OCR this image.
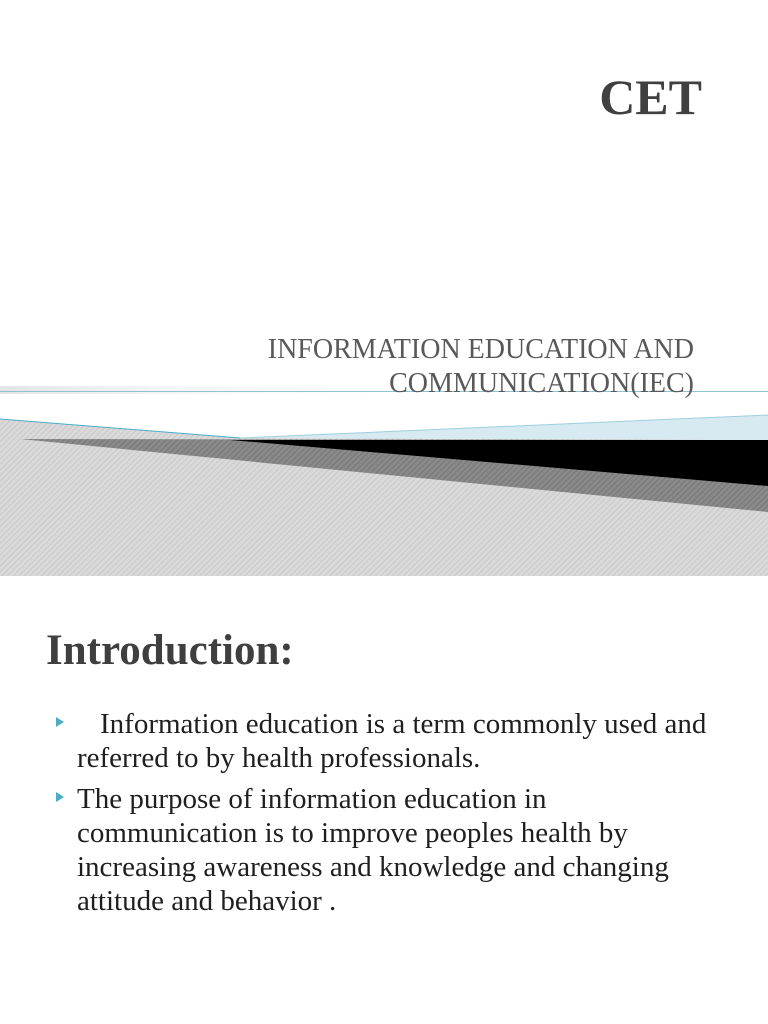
CET
INFORMATION EDUCATION AND
COMMUNICATION(IEC)
Introduction:
Information education is a term commonly used and
referred to by health professionals.
The purpose of information education in
communication is to improve peoples health by
increasing awareness and knowledge and changing
attitude and behavior .
